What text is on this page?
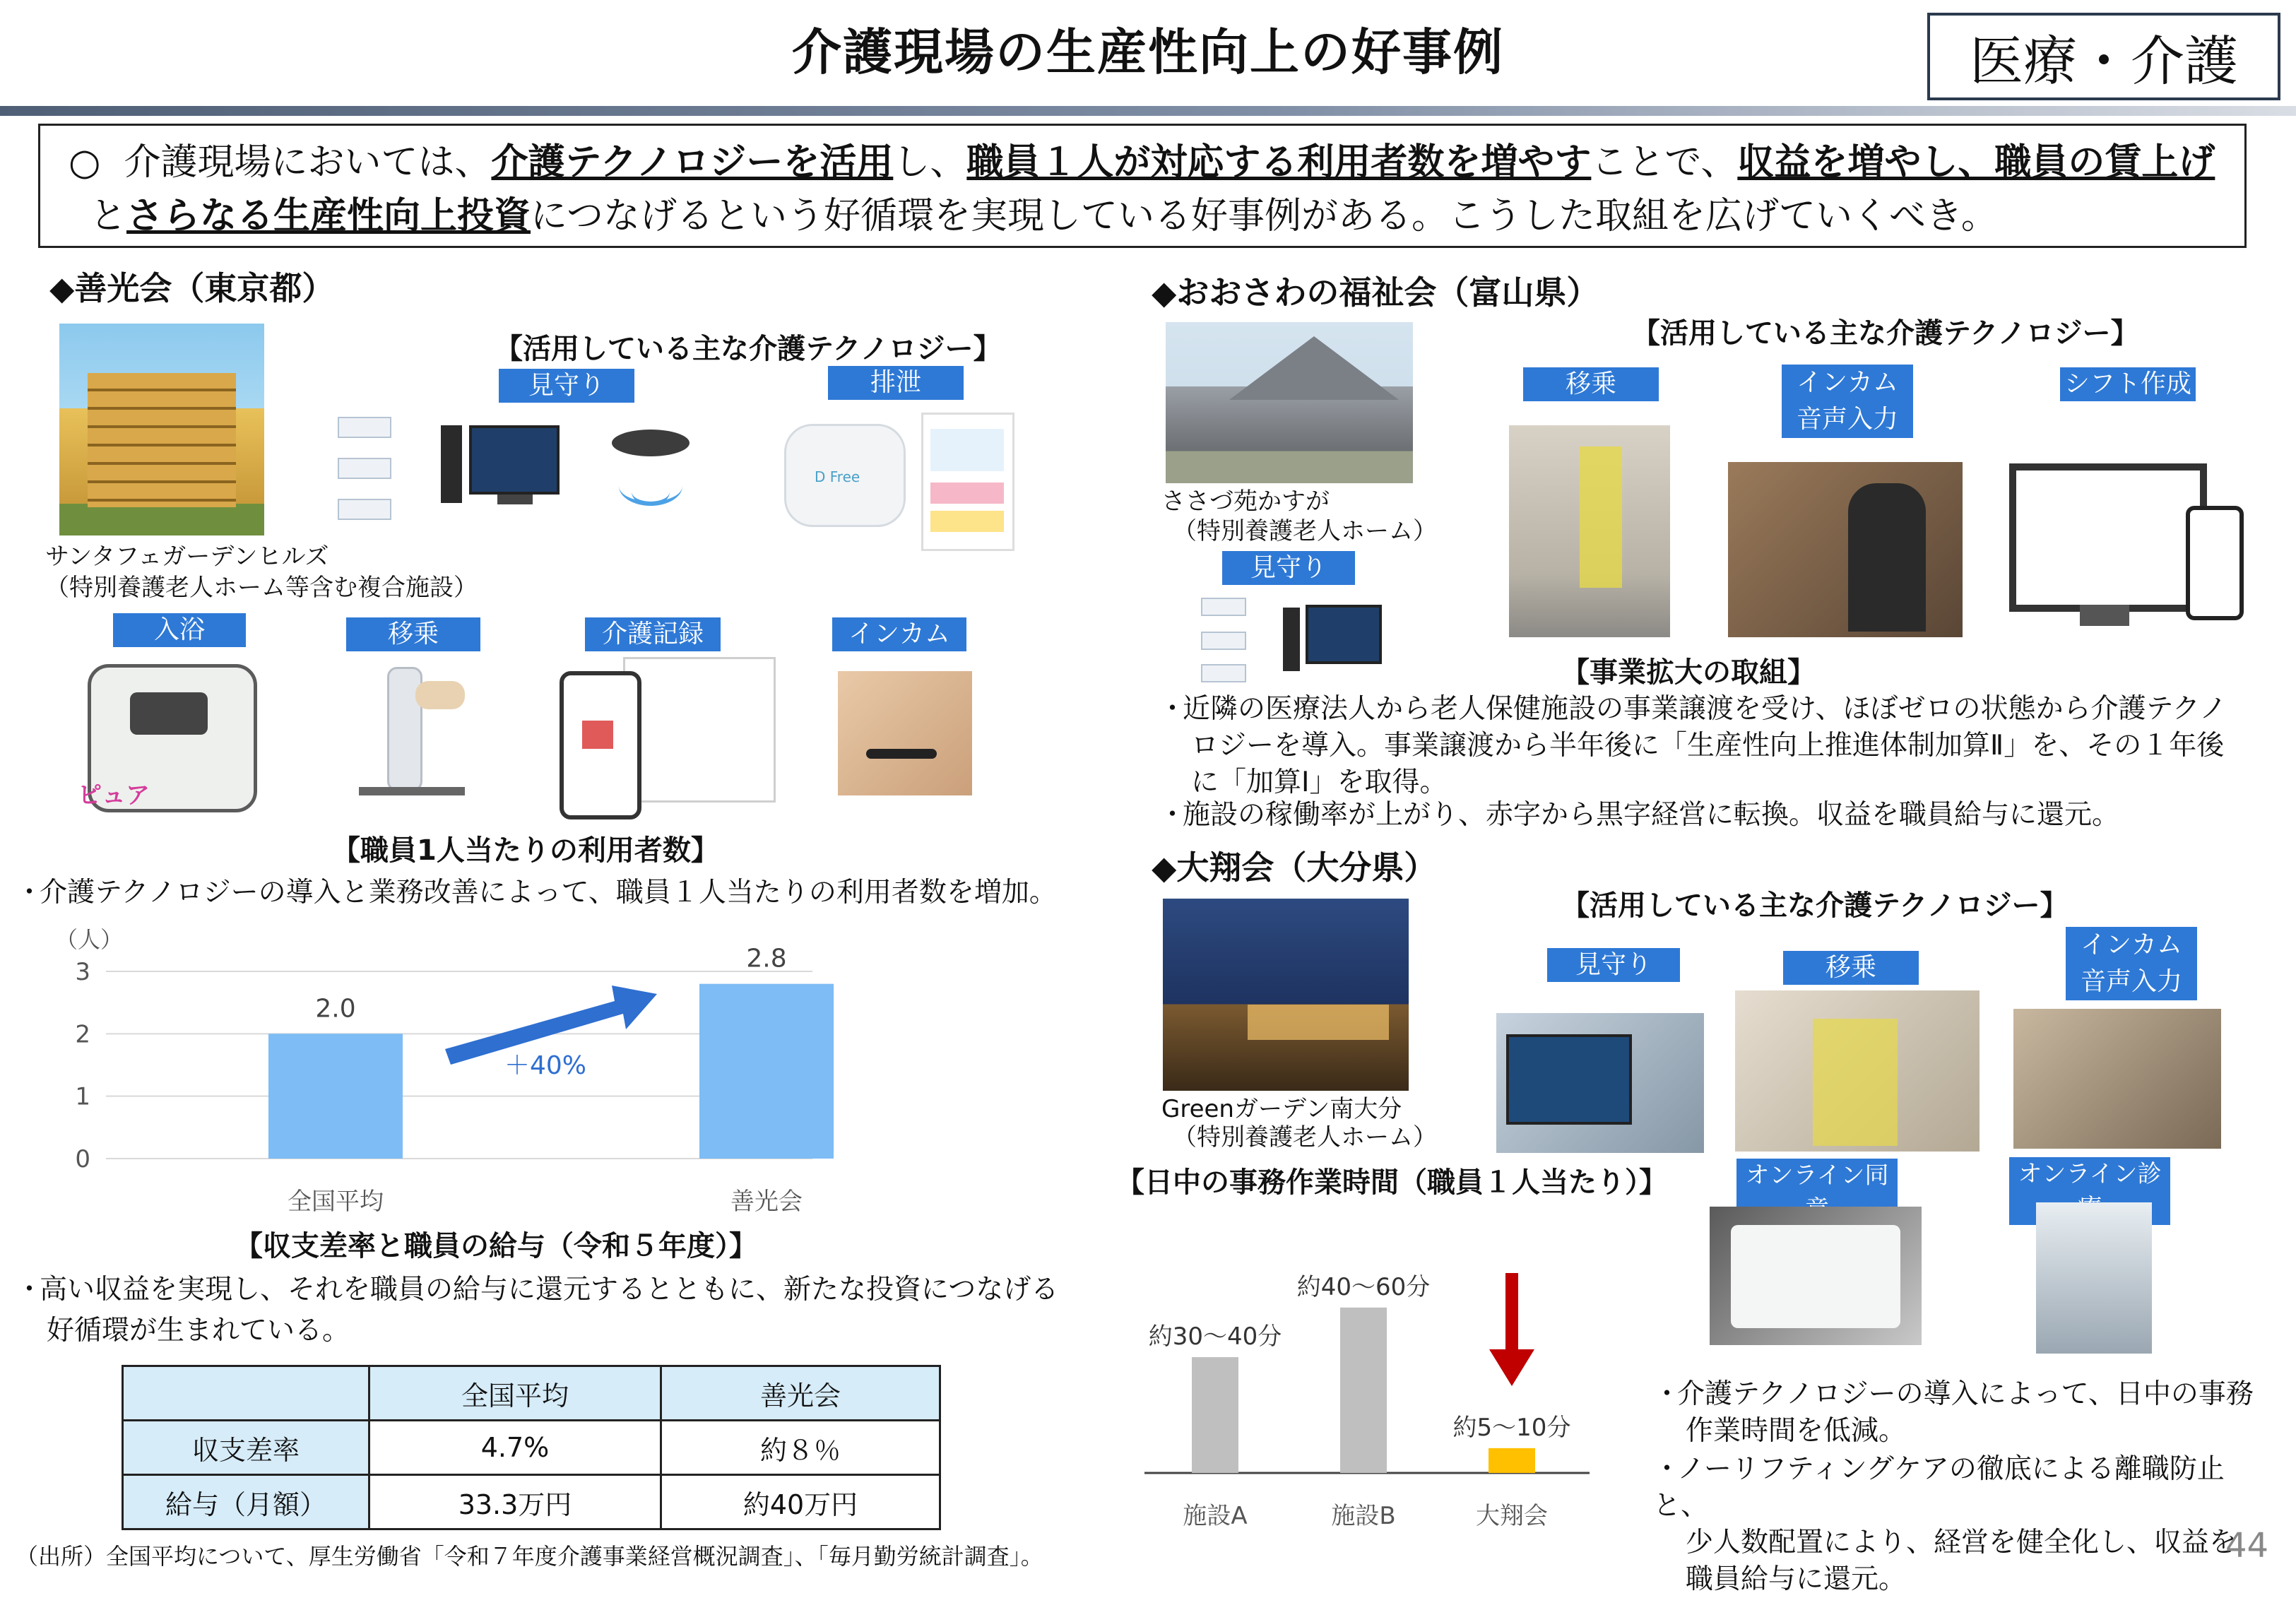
介護現場の生産性向上の好事例	医療・介護
○ 介護現場においては、介護テクノロジーを活用し、職員１人が対応する利用者数を増やすことで、収益を増やし、職員の賃上げ
とさらなる生産性向上投資につなげるという好循環を実現している好事例がある。こうした取組を広げていくべき。
◆善光会（東京都）
【活用している主な介護テクノロジー】
サンタフェガーデンヒルズ
（特別養護老人ホーム等含む複合施設）
見守り	排泄
D Free
入浴	移乗	介護記録	インカム
ピュア
【職員1人当たりの利用者数】
・介護テクノロジーの導入と業務改善によって、職員１人当たりの利用者数を増加。
（人）
0
1
2
3
2.0
全国平均
2.8
善光会
＋40%
【収支差率と職員の給与（令和５年度）】
・高い収益を実現し、それを職員の給与に還元するとともに、新たな投資につなげる
好循環が生まれている。
	全国平均	善光会
収支差率	4.7%	約８％
給与（月額）	33.3万円	約40万円
（出所）全国平均について、厚生労働省「令和７年度介護事業経営概況調査」、「毎月勤労統計調査」。
◆おおさわの福祉会（富山県）
【活用している主な介護テクノロジー】
ささづ苑かすが
（特別養護老人ホーム）
見守り
移乗	インカム
音声入力
シフト作成
【事業拡大の取組】
・近隣の医療法人から老人保健施設の事業譲渡を受け、ほぼゼロの状態から介護テクノ
ロジーを導入。事業譲渡から半年後に「生産性向上推進体制加算Ⅱ」を、その１年後
に「加算Ⅰ」を取得。
・施設の稼働率が上がり、赤字から黒字経営に転換。収益を職員給与に還元。
◆大翔会（大分県）
【活用している主な介護テクノロジー】
Greenガーデン南大分
（特別養護老人ホーム）
見守り	移乗
インカム
音声入力
オンライン同	オンライン診
【日中の事務作業時間（職員１人当たり）】
約30～40分
施設A
約40～60分
施設B
約5～10分
大翔会
・介護テクノロジーの導入によって、日中の事務
作業時間を低減。
・ノーリフティングケアの徹底による離職防止と、
少人数配置により、経営を健全化し、収益を
職員給与に還元。
44
